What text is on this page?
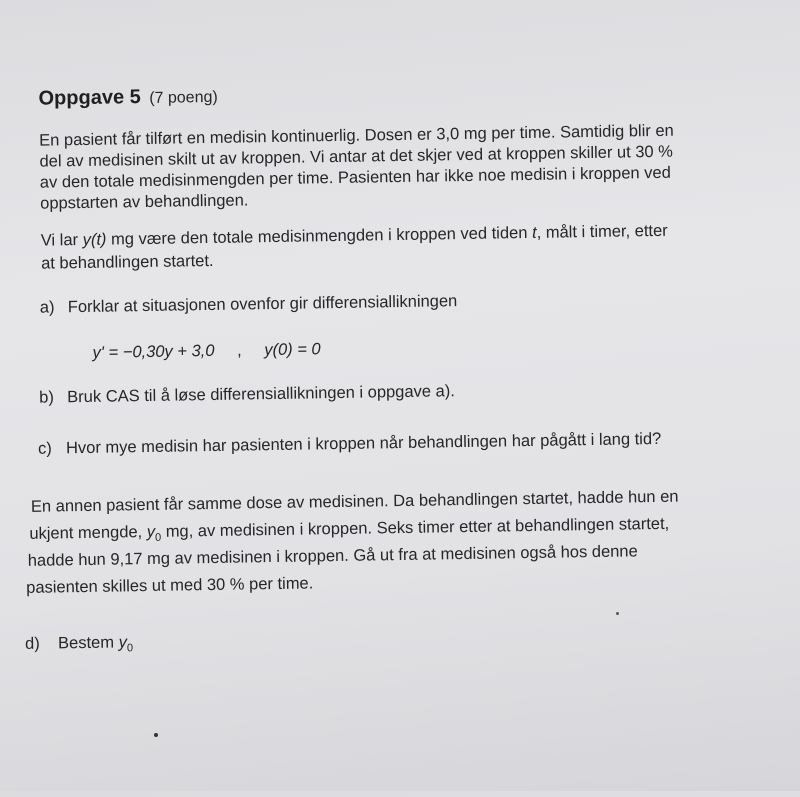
Oppgave 5 (7 poeng)
En pasient får tilført en medisin kontinuerlig. Dosen er 3,0 mg per time. Samtidig blir en
del av medisinen skilt ut av kroppen. Vi antar at det skjer ved at kroppen skiller ut 30 %
av den totale medisinmengden per time. Pasienten har ikke noe medisin i kroppen ved
oppstarten av behandlingen.
Vi lar y(t) mg være den totale medisinmengden i kroppen ved tiden t, målt i timer, etter
at behandlingen startet.
a) Forklar at situasjonen ovenfor gir differensiallikningen
y' = −0,30y + 3,0 , y(0) = 0
b) Bruk CAS til å løse differensiallikningen i oppgave a).
c) Hvor mye medisin har pasienten i kroppen når behandlingen har pågått i lang tid?
En annen pasient får samme dose av medisinen. Da behandlingen startet, hadde hun en
ukjent mengde, $y_0$ mg, av medisinen i kroppen. Seks timer etter at behandlingen startet,
hadde hun 9,17 mg av medisinen i kroppen. Gå ut fra at medisinen også hos denne
pasienten skilles ut med 30 % per time.
d) Bestem $y_0$
